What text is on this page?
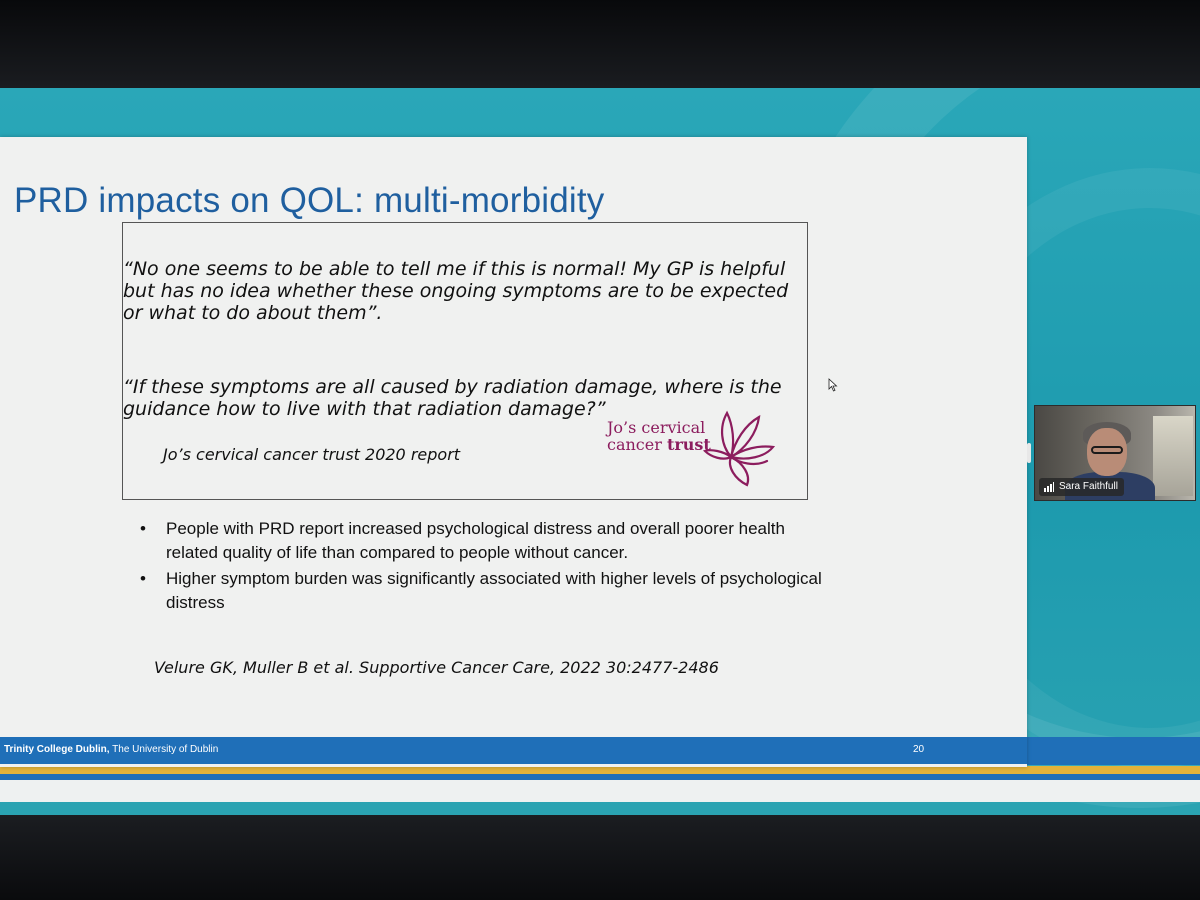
PRD impacts on QOL: multi-morbidity
“No one seems to be able to tell me if this is normal! My GP is helpful but has no idea whether these ongoing symptoms are to be expected or what to do about them”.
“If these symptoms are all caused by radiation damage, where is the guidance how to live with that radiation damage?”
Jo’s cervical cancer trust 2020 report
Jo’s cervical
cancer trust
• People with PRD report increased psychological distress and overall poorer health related quality of life than compared to people without cancer.
• Higher symptom burden was significantly associated with higher levels of psychological distress
Velure GK, Muller B et al. Supportive Cancer Care, 2022 30:2477-2486
Trinity College Dublin, The University of Dublin	20
Sara Faithfull
